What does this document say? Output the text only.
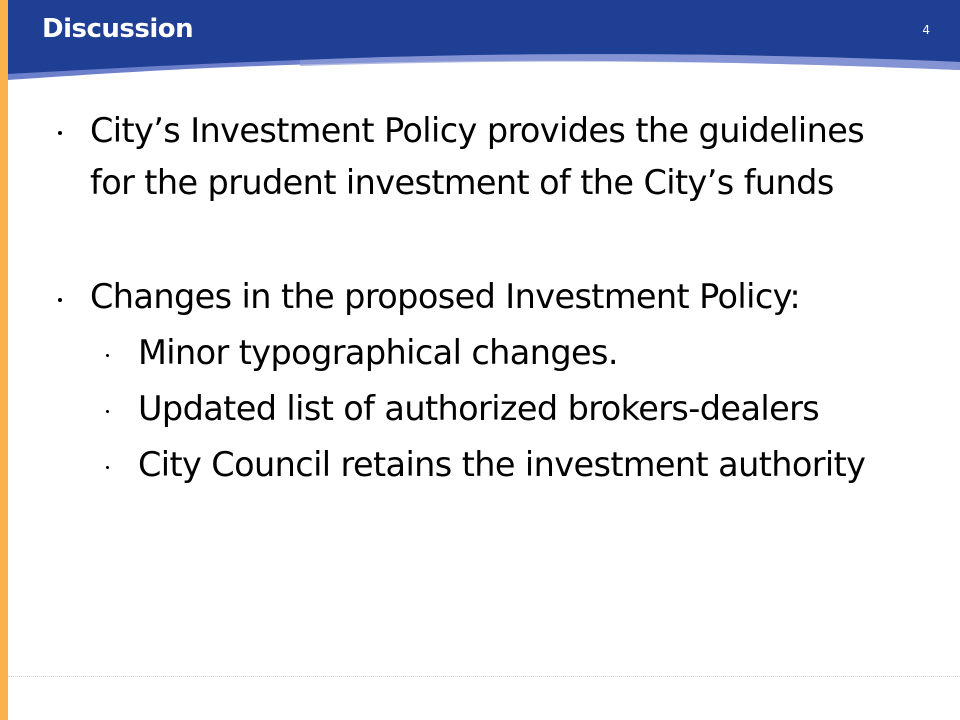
Discussion	4
City’s Investment Policy provides the guidelines
for the prudent investment of the City’s funds
Changes in the proposed Investment Policy:
Minor typographical changes.
Updated list of authorized brokers-dealers
City Council retains the investment authority
